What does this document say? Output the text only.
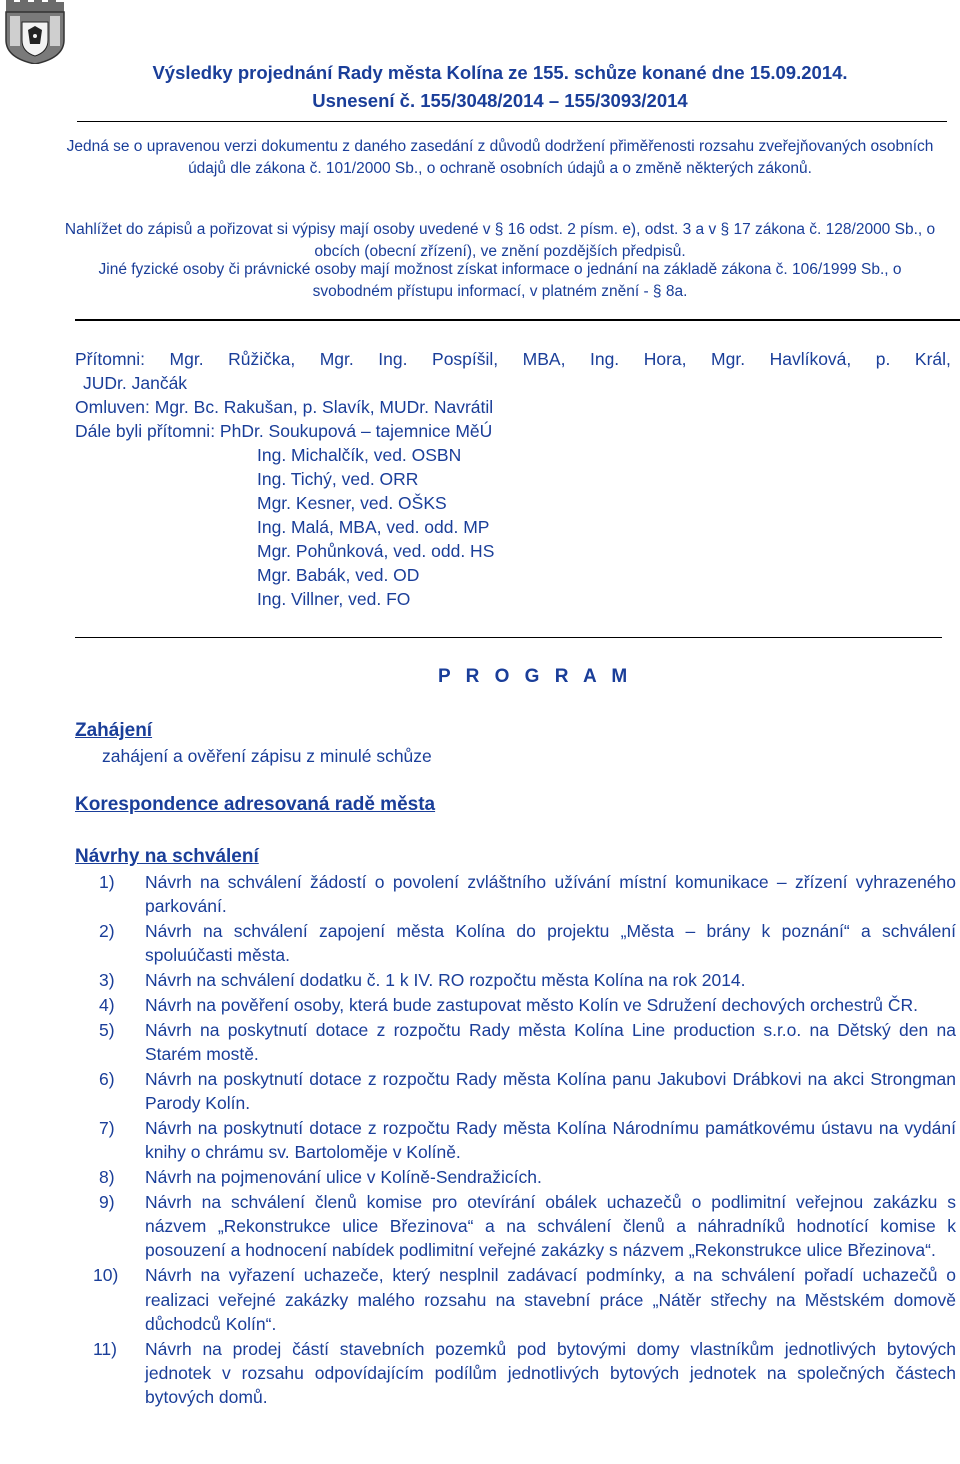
Výsledky projednání Rady města Kolína ze 155. schůze konané dne 15.09.2014.
Usnesení č. 155/3048/2014 – 155/3093/2014
Jedná se o upravenou verzi dokumentu z daného zasedání z důvodů dodržení přiměřenosti rozsahu zveřejňovaných osobních údajů dle zákona č. 101/2000 Sb., o ochraně osobních údajů a o změně některých zákonů.
Nahlížet do zápisů a pořizovat si výpisy mají osoby uvedené v § 16 odst. 2 písm. e), odst. 3 a v § 17 zákona č. 128/2000 Sb., o obcích (obecní zřízení), ve znění pozdějších předpisů.
Jiné fyzické osoby či právnické osoby mají možnost získat informace o jednání na základě zákona č. 106/1999 Sb., o svobodném přístupu informací, v platném znění - § 8a.
Přítomni: Mgr. Růžička, Mgr. Ing. Pospíšil, MBA, Ing. Hora, Mgr. Havlíková, p. Král,
JUDr. Jančák
Omluven: Mgr. Bc. Rakušan, p. Slavík, MUDr. Navrátil
Dále byli přítomni: PhDr. Soukupová – tajemnice MěÚ
Ing. Michalčík, ved. OSBN
Ing. Tichý, ved. ORR
Mgr. Kesner, ved. OŠKS
Ing. Malá, MBA, ved. odd. MP
Mgr. Pohůnková, ved. odd. HS
Mgr. Babák, ved. OD
Ing. Villner, ved. FO
P R O G R A M
Zahájení
zahájení a ověření zápisu z minulé schůze
Korespondence adresovaná radě města
Návrhy na schválení
1) Návrh na schválení žádostí o povolení zvláštního užívání místní komunikace – zřízení vyhrazeného parkování.
2) Návrh na schválení zapojení města Kolína do projektu „Města – brány k poznání“ a schválení spoluúčasti města.
3) Návrh na schválení dodatku č. 1 k IV. RO rozpočtu města Kolína na rok 2014.
4) Návrh na pověření osoby, která bude zastupovat město Kolín ve Sdružení dechových orchestrů ČR.
5) Návrh na poskytnutí dotace z rozpočtu Rady města Kolína Line production s.r.o. na Dětský den na Starém mostě.
6) Návrh na poskytnutí dotace z rozpočtu Rady města Kolína panu Jakubovi Drábkovi na akci Strongman Parody Kolín.
7) Návrh na poskytnutí dotace z rozpočtu Rady města Kolína Národnímu památkovému ústavu na vydání knihy o chrámu sv. Bartoloměje v Kolíně.
8) Návrh na pojmenování ulice v Kolíně-Sendražicích.
9) Návrh na schválení členů komise pro otevírání obálek uchazečů o podlimitní veřejnou zakázku s názvem „Rekonstrukce ulice Březinova“ a na schválení členů a náhradníků hodnotící komise k posouzení a hodnocení nabídek podlimitní veřejné zakázky s názvem „Rekonstrukce ulice Březinova“.
10) Návrh na vyřazení uchazeče, který nesplnil zadávací podmínky, a na schválení pořadí uchazečů o realizaci veřejné zakázky malého rozsahu na stavební práce „Nátěr střechy na Městském domově důchodců Kolín“.
11) Návrh na prodej částí stavebních pozemků pod bytovými domy vlastníkům jednotlivých bytových jednotek v rozsahu odpovídajícím podílům jednotlivých bytových jednotek na společných částech bytových domů.
